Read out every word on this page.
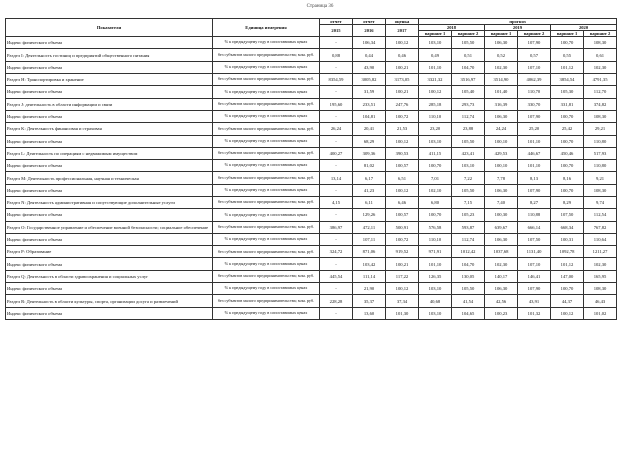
Страница 36
Показатели	Единица измерения	отчет	отчет	оценка	прогноз					
		2015	2016	2017	2018		2019		2020	
					вариант 1	вариант 2	вариант 1	вариант 2	вариант 1	вариант 2
Индекс физического объема	% к предыдущему году в сопоставимых ценах	-	106,34	100,12	103,10	105,50	106,30	107,90	100,70	108,30
Раздел I: Деятельность гостиниц и предприятий общественного питания	без субъектов малого предпринимательства; млн. руб.	0,88	0,44	0,46	0,49	0,51	0,52	0,57	0,55	0,61
Индекс физического объема	% к предыдущему году в сопоставимых ценах	-	43,90	100,21	101,10	104,70	102,30	107,10	101,12	102,30
Раздел H: Транспортировка и хранение	без субъектов малого предпринимательства; млн. руб.	8354,59	3005,82	3173,05	3321,32	3516,97	3514,90	4062,39	3854,54	4791,35
Индекс физического объема	% к предыдущему году в сопоставимых ценах	-	31,59	100,21	100,12	105,40	101,40	110,70	105,30	112,70
Раздел J: деятельность в области информации и связи	без субъектов малого предпринимательства; млн. руб.	195,60	233,51	247,76	285,18	293,73	316,39	330,70	331,81	374,82
Индекс физического объема	% к предыдущему году в сопоставимых ценах	-	104,81	100,72	110,10	112,74	106,30	107,90	100,70	108,30
Раздел K: Деятельность финансовая и страховая	без субъектов малого предпринимательства; млн. руб.	26,24	20,41	21,53	23,20	23,88	24,24	25,20	25,42	29,21
Индекс физического объема	% к предыдущему году в сопоставимых ценах	-	68,29	100,12	103,10	105,50	100,10	101,10	100,70	110,80
Раздел L: Деятельность по операциям с недвижимым имуществом	без субъектов малого предпринимательства; млн. руб.	400,27	309,36	390,53	411,15	423,41	429,53	446,67	450,46	517,93
Индекс физического объема	% к предыдущему году в сопоставимых ценах	-	81,02	100,57	100,70	103,10	100,10	101,10	100,70	110,80
Раздел M: Деятельность профессиональная, научная и техническая	без субъектов малого предпринимательства; млн. руб.	13,14	6,17	6,51	7,01	7,22	7,78	8,13	8,16	9,21
Индекс физического объема	% к предыдущему году в сопоставимых ценах	-	41,23	100,12	102,10	105,50	106,30	107,90	100,70	108,30
Раздел N: Деятельность административная и сопутствующие дополнительные услуги	без субъектов малого предпринимательства; млн. руб.	4,15	6,11	6,46	6,80	7,15	7,40	8,27	8,29	9,74
Индекс физического объема	% к предыдущему году в сопоставимых ценах	-	129,26	100,57	100,70	105,23	100,30	110,88	107,50	112,54
Раздел O: Государственное управление и обеспечение военной безопасности; социальное обеспечение	без субъектов малого предпринимательства; млн. руб.	386,97	472,11	500,91	576,58	593,87	639,67	666,14	668,34	767,82
Индекс физического объема	% к предыдущему году в сопоставимых ценах	-	107,11	100,72	110,10	112,74	106,30	107,50	100,31	110,64
Раздел P: Образование	без субъектов малого предпринимательства; млн. руб.	324,72	871,06	919,52	971,91	1012,42	1037,68	1131,40	1092,78	1211,27
Индекс физического объема	% к предыдущему году в сопоставимых ценах	-	103,42	100,21	101,10	104,70	102,30	107,10	101,12	102,30
Раздел Q: Деятельность в области здравоохранения и социальных услуг	без субъектов малого предпринимательства; млн. руб.	445,54	111,14	117,22	126,35	130,05	140,17	146,41	147,00	165,95
Индекс физического объема	% к предыдущему году в сопоставимых ценах	-	21,90	100,12	103,10	105,50	106,30	107,90	100,70	108,30
Раздел R: Деятельность в области культуры, спорта, организации досуга и развлечений	без субъектов малого предпринимательства; млн. руб.	228,28	35,37	37,34	40,68	41,54	42,56	43,91	44,37	46,43
Индекс физического объема	% к предыдущему году в сопоставимых ценах	-	13,60	101,30	103,10	104,65	100,23	101,32	100,12	101,02
